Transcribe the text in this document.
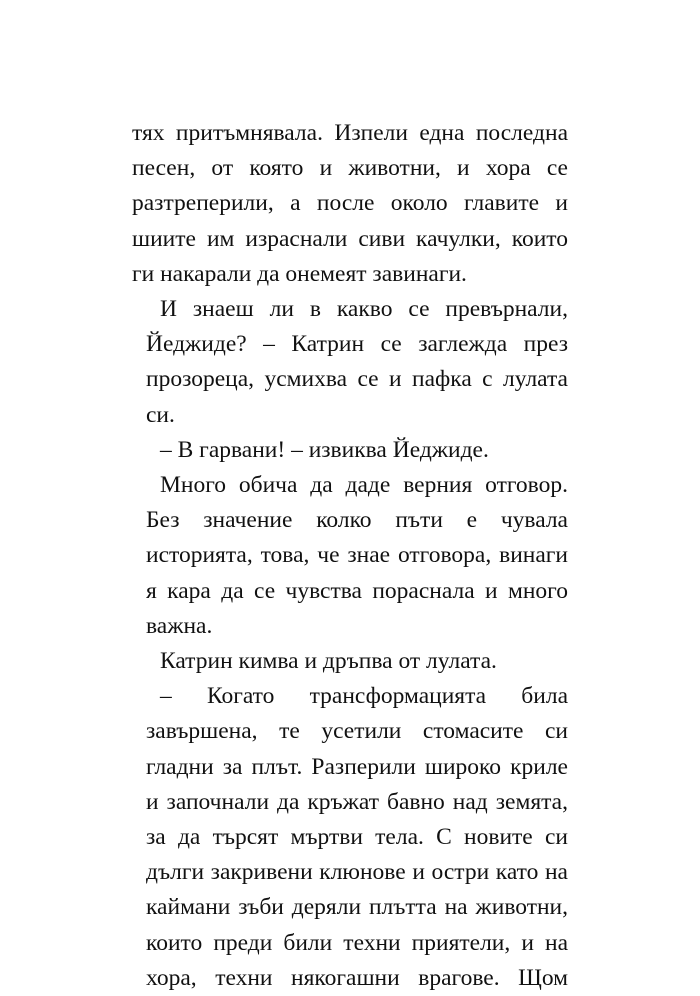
тях притъмнявала. Изпели една последна
песен, от която и животни, и хора се
разтреперили, а после около главите и
шиите им израснали сиви качулки, които
ги накарали да онемеят завинаги.
И знаеш ли в какво се превърнали,
Йеджиде? – Катрин се заглежда през
прозореца, усмихва се и пафка с лулата
си.
– В гарвани! – извиква Йеджиде.
Много обича да даде верния отговор.
Без значение колко пъти е чувала
историята, това, че знае отговора, винаги
я кара да се чувства пораснала и много
важна.
Катрин кимва и дръпва от лулата.
– Когато трансформацията била
завършена, те усетили стомасите си
гладни за плът. Разперили широко криле
и започнали да кръжат бавно над земята,
за да търсят мъртви тела. С новите си
дълги закривени клюнове и остри като на
каймани зъби деряли плътта на животни,
които преди били техни приятели, и на
хора, техни някогашни врагове. Щом
